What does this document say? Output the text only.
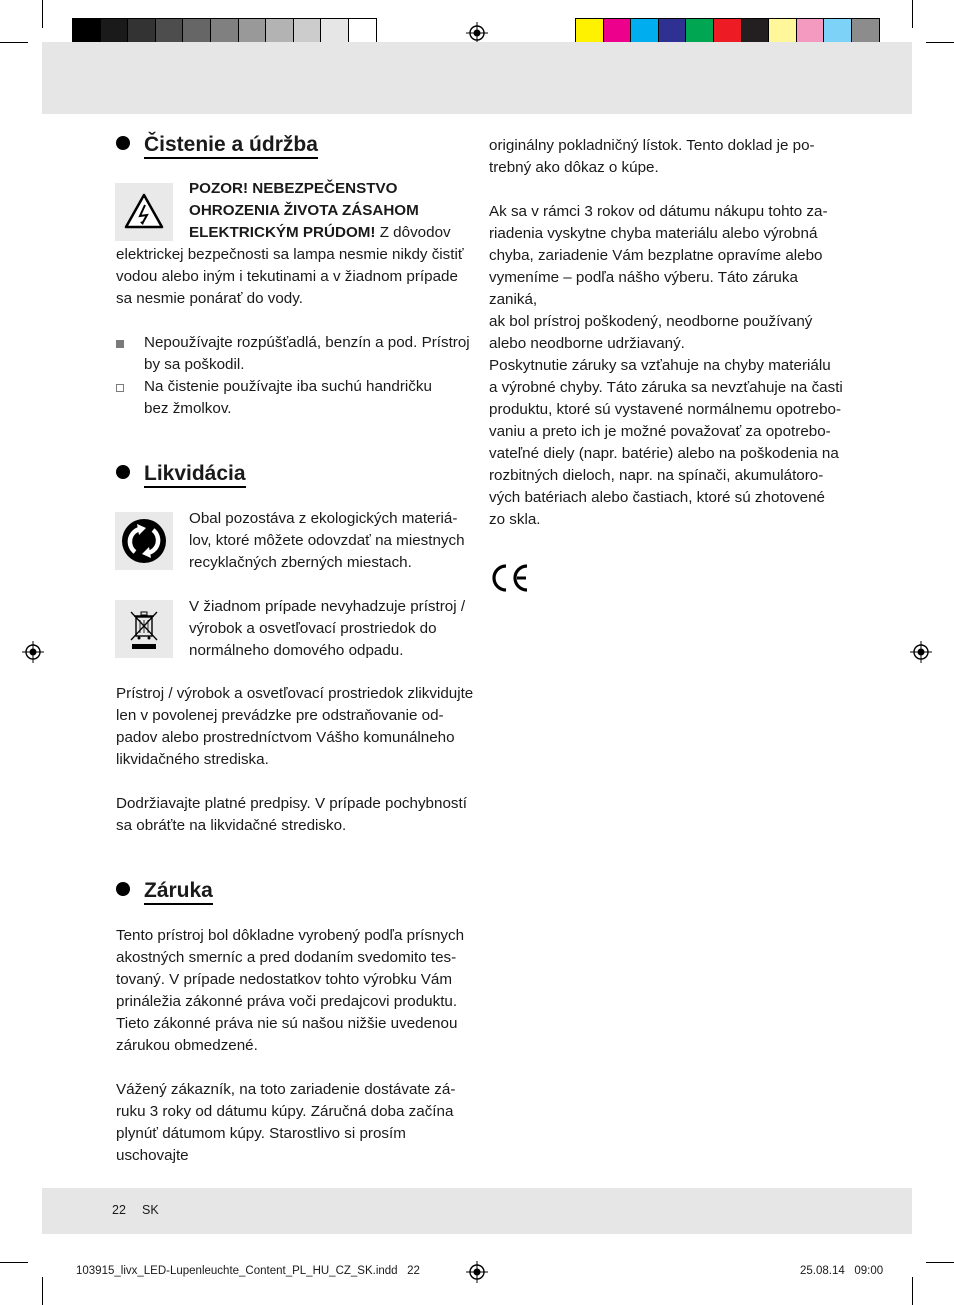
Čistenie a údržba

POZOR! NEBEZPEČENSTVO

OHROZENIA ŽIVOTA ZÁSAHOM

ELEKTRICKÝM PRÚDOM! Z dôvodov

elektrickej bezpečnosti sa lampa nesmie nikdy čistiť

vodou alebo iným i tekutinami a v žiadnom prípade

sa nesmie ponárať do vody.

Nepoužívajte rozpúšťadlá, benzín a pod. Prístroj

by sa poškodil.

Na čistenie používajte iba suchú handričku

bez žmolkov.

Likvidácia

Obal pozostáva z ekologických materiá-

lov, ktoré môžete odovzdať na miestnych

recyklačných zberných miestach.

V žiadnom prípade nevyhadzuje prístroj /

výrobok a osvetľovací prostriedok do

normálneho domového odpadu.

Prístroj / výrobok a osvetľovací prostriedok zlikvidujte

len v povolenej prevádzke pre odstraňovanie od-

padov alebo prostredníctvom Vášho komunálneho

likvidačného strediska.

Dodržiavajte platné predpisy. V prípade pochybností

sa obráťte na likvidačné stredisko.

Záruka

Tento prístroj bol dôkladne vyrobený podľa prísnych

akostných smerníc a pred dodaním svedomito tes-

tovaný. V prípade nedostatkov tohto výrobku Vám

prináležia zákonné práva voči predajcovi produktu.

Tieto zákonné práva nie sú našou nižšie uvedenou

zárukou obmedzené.

Vážený zákazník, na toto zariadenie dostávate zá-

ruku 3 roky od dátumu kúpy. Záručná doba začína

plynúť dátumom kúpy. Starostlivo si prosím uschovajte

originálny pokladničný lístok. Tento doklad je po-

trebný ako dôkaz o kúpe.

Ak sa v rámci 3 rokov od dátumu nákupu tohto za-

riadenia vyskytne chyba materiálu alebo výrobná

chyba, zariadenie Vám bezplatne opravíme alebo

vymeníme – podľa nášho výberu. Táto záruka zaniká,

ak bol prístroj poškodený, neodborne používaný

alebo neodborne udržiavaný.

Poskytnutie záruky sa vzťahuje na chyby materiálu

a výrobné chyby. Táto záruka sa nevzťahuje na časti

produktu, ktoré sú vystavené normálnemu opotrebo-

vaniu a preto ich je možné považovať za opotrebo-

vateľné diely (napr. batérie) alebo na poškodenia na

rozbitných dieloch, napr. na spínači, akumulátoro-

vých batériach alebo častiach, ktoré sú zhotovené

zo skla.

22 SK
103915_livx_LED-Lupenleuchte_Content_PL_HU_CZ_SK.indd   22	25.08.14   09:00
